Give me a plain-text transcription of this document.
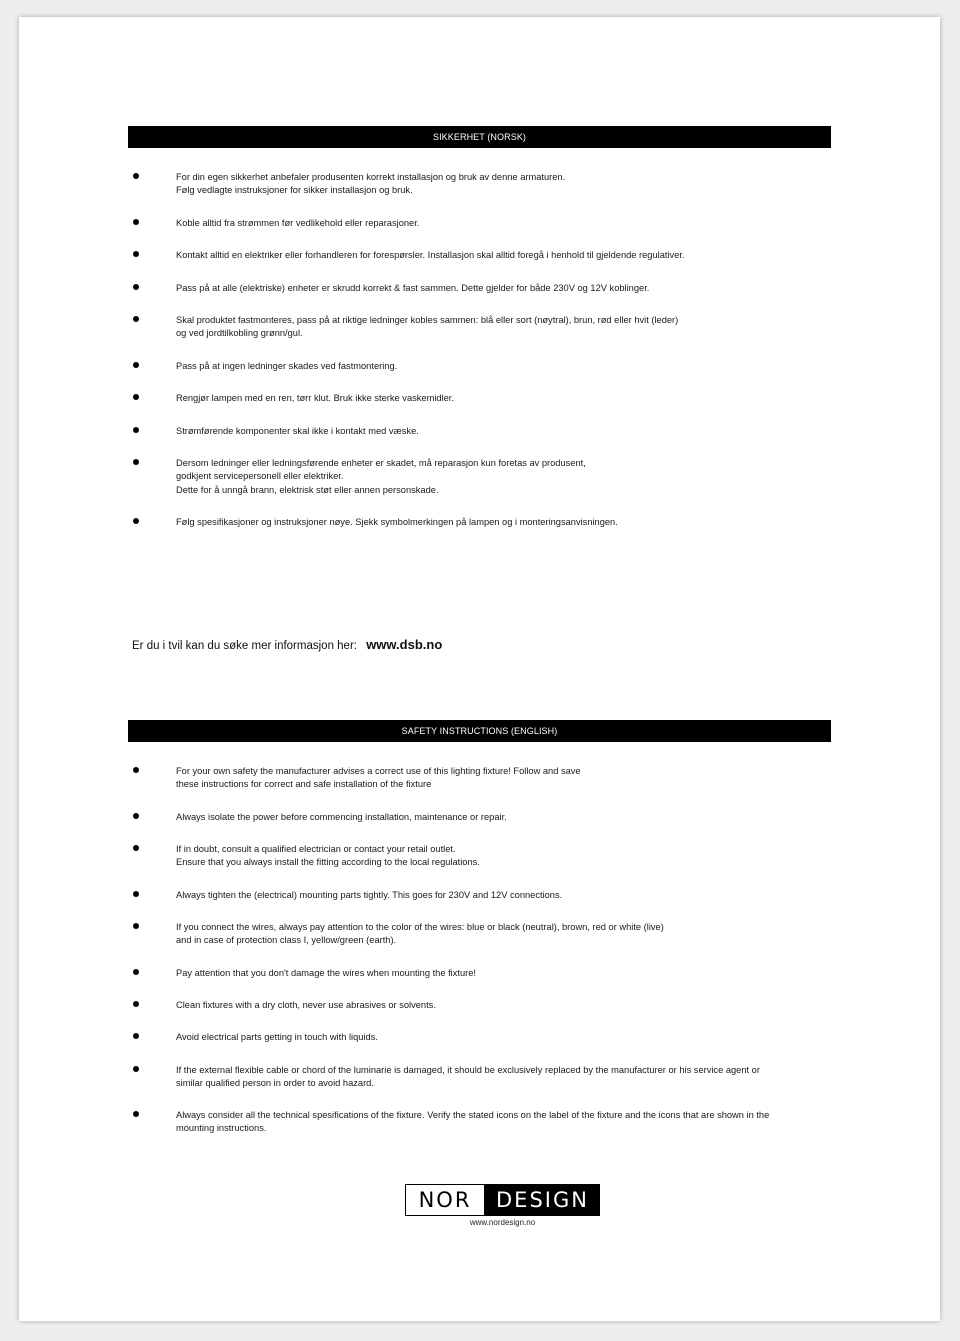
SIKKERHET (NORSK)
For din egen sikkerhet anbefaler produsenten korrekt installasjon og bruk av denne armaturen.
Følg vedlagte instruksjoner for sikker installasjon og bruk.
Koble alltid fra strømmen før vedlikehold eller reparasjoner.
Kontakt alltid en elektriker eller forhandleren for forespørsler. Installasjon skal alltid foregå i henhold til gjeldende regulativer.
Pass på at alle (elektriske) enheter er skrudd korrekt & fast sammen. Dette gjelder for både 230V og 12V koblinger.
Skal produktet fastmonteres, pass på at riktige ledninger kobles sammen: blå eller sort (nøytral), brun, rød eller hvit (leder)
og ved jordtilkobling grønn/gul.
Pass på at ingen ledninger skades ved fastmontering.
Rengjør lampen med en ren, tørr klut. Bruk ikke sterke vaskemidler.
Strømførende komponenter skal ikke i kontakt med væske.
Dersom ledninger eller ledningsførende enheter er skadet, må reparasjon kun foretas av produsent,
godkjent servicepersonell eller elektriker.
Dette for å unngå brann, elektrisk støt eller annen personskade.
Følg spesifikasjoner og instruksjoner nøye. Sjekk symbolmerkingen på lampen og i monteringsanvisningen.
Er du i tvil kan du søke mer informasjon her: www.dsb.no
SAFETY INSTRUCTIONS (ENGLISH)
For your own safety the manufacturer advises a correct use of this lighting fixture! Follow and save
these instructions for correct and safe installation of the fixture
Always isolate the power before commencing installation, maintenance or repair.
If in doubt, consult a qualified electrician or contact your retail outlet.
Ensure that you always install the fitting according to the local regulations.
Always tighten the (electrical) mounting parts tightly. This goes for 230V and 12V connections.
If you connect the wires, always pay attention to the color of the wires: blue or black (neutral), brown, red or white (live)
and in case of protection class I, yellow/green (earth).
Pay attention that you don't damage the wires when mounting the fixture!
Clean fixtures with a dry cloth, never use abrasives or solvents.
Avoid electrical parts getting in touch with liquids.
If the external flexible cable or chord of the luminarie is damaged, it should be exclusively replaced by the manufacturer or his service agent or
similar qualified person in order to avoid hazard.
Always consider all the technical spesifications of the fixture. Verify the stated icons on the label of the fixture and the icons that are shown in the
mounting instructions.
NOR	DESIGN
www.nordesign.no
